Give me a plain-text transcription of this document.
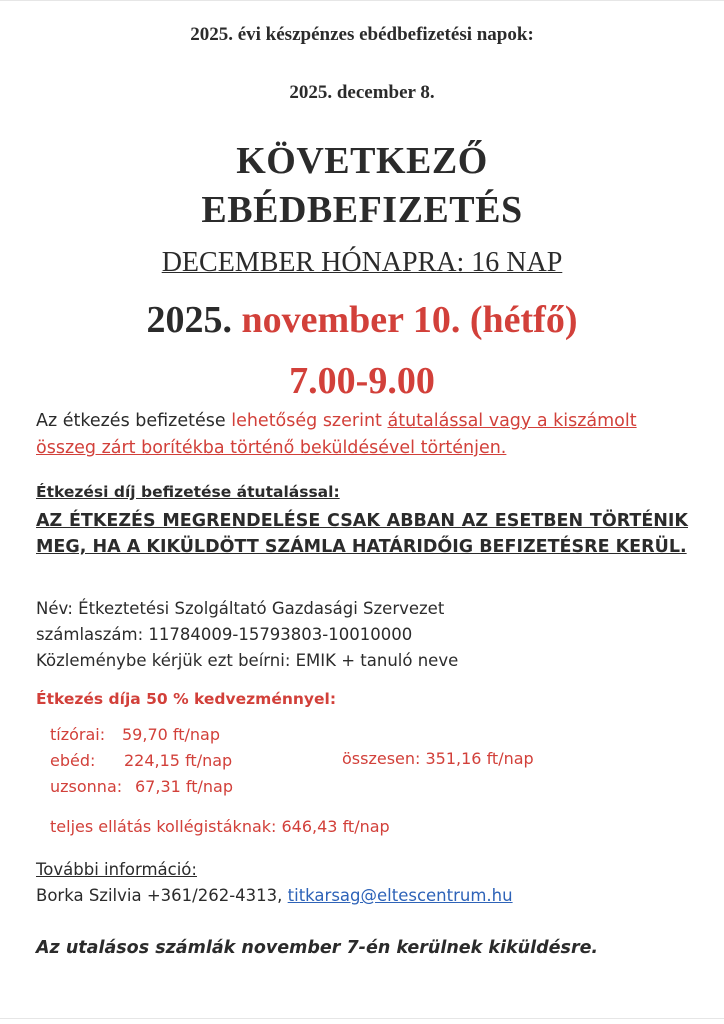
2025. évi készpénzes ebédbefizetési napok:
2025. december 8.
KÖVETKEZŐ
EBÉDBEFIZETÉS
DECEMBER HÓNAPRA: 16 NAP
2025. november 10. (hétfő)
7.00-9.00
Az étkezés befizetése lehetőség szerint átutalással vagy a kiszámolt összeg zárt borítékba történő beküldésével történjen.
Étkezési díj befizetése átutalással:
AZ ÉTKEZÉS MEGRENDELÉSE CSAK ABBAN AZ ESETBEN TÖRTÉNIK MEG, HA A KIKÜLDÖTT SZÁMLA HATÁRIDŐIG BEFIZETÉSRE KERÜL.
Név: Étkeztetési Szolgáltató Gazdasági Szervezet
számlaszám: 11784009-15793803-10010000
Közleménybe kérjük ezt beírni: EMIK + tanuló neve
Étkezés díja 50 % kedvezménnyel:
tízórai: 59,70 ft/nap
ebéd: 224,15 ft/nap
uzsonna: 67,31 ft/nap
összesen: 351,16 ft/nap
teljes ellátás kollégistáknak: 646,43 ft/nap
További információ:
Borka Szilvia +361/262-4313, titkarsag@eltescentrum.hu
Az utalásos számlák november 7-én kerülnek kiküldésre.
